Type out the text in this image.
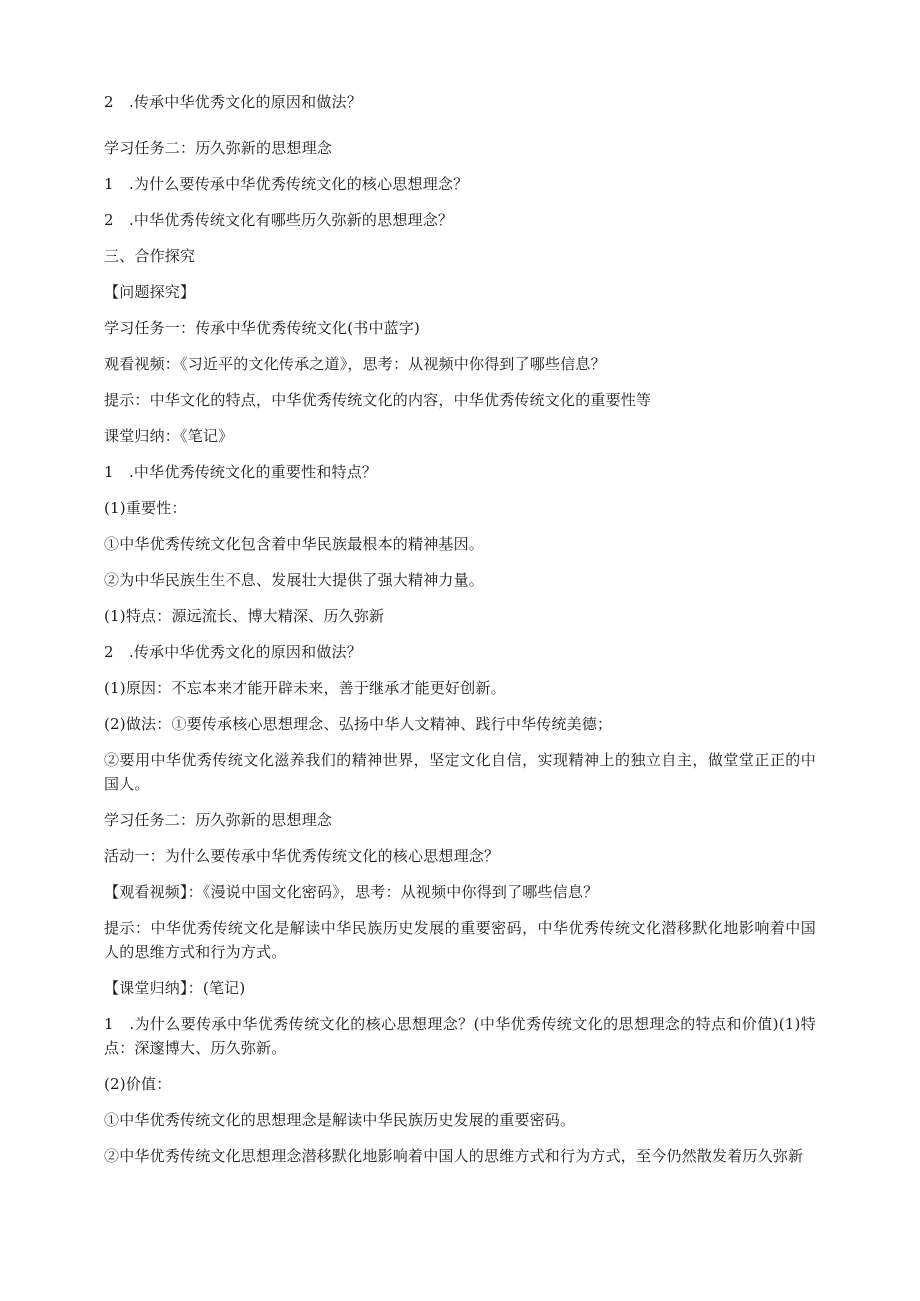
2　.传承中华优秀文化的原因和做法？
学习任务二：历久弥新的思想理念
1　.为什么要传承中华优秀传统文化的核心思想理念？
2　.中华优秀传统文化有哪些历久弥新的思想理念？
三、合作探究
【问题探究】
学习任务一：传承中华优秀传统文化(书中蓝字)
观看视频：《习近平的文化传承之道》，思考：从视频中你得到了哪些信息？
提示：中华文化的特点，中华优秀传统文化的内容，中华优秀传统文化的重要性等
课堂归纳：《笔记》
1　.中华优秀传统文化的重要性和特点？
(1)重要性：
①中华优秀传统文化包含着中华民族最根本的精神基因。
②为中华民族生生不息、发展壮大提供了强大精神力量。
(1)特点：源远流长、博大精深、历久弥新
2　.传承中华优秀文化的原因和做法？
(1)原因：不忘本来才能开辟未来，善于继承才能更好创新。
(2)做法：①要传承核心思想理念、弘扬中华人文精神、践行中华传统美德；
②要用中华优秀传统文化滋养我们的精神世界，坚定文化自信，实现精神上的独立自主，做堂堂正正的中国人。
学习任务二：历久弥新的思想理念
活动一：为什么要传承中华优秀传统文化的核心思想理念？
【观看视频】：《漫说中国文化密码》，思考：从视频中你得到了哪些信息？
提示：中华优秀传统文化是解读中华民族历史发展的重要密码，中华优秀传统文化潜移默化地影响着中国人的思维方式和行为方式。
【课堂归纳】：(笔记)
1　.为什么要传承中华优秀传统文化的核心思想理念？(中华优秀传统文化的思想理念的特点和价值)(1)特点：深邃博大、历久弥新。
(2)价值：
①中华优秀传统文化的思想理念是解读中华民族历史发展的重要密码。
②中华优秀传统文化思想理念潜移默化地影响着中国人的思维方式和行为方式，至今仍然散发着历久弥新
